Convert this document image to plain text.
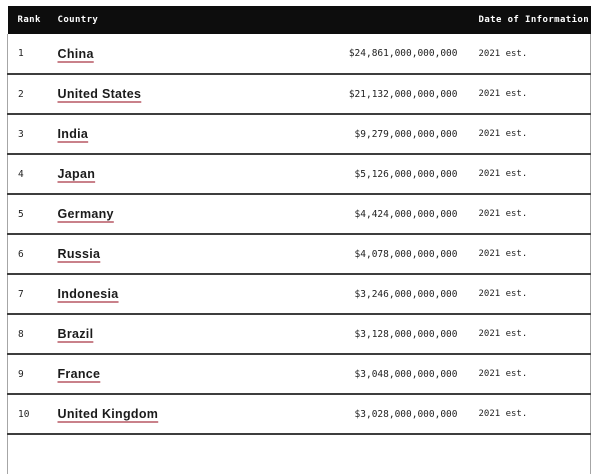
Rank	Country		Date of Information
1	China	$24,861,000,000,000	2021 est.
2	United States	$21,132,000,000,000	2021 est.
3	India	$9,279,000,000,000	2021 est.
4	Japan	$5,126,000,000,000	2021 est.
5	Germany	$4,424,000,000,000	2021 est.
6	Russia	$4,078,000,000,000	2021 est.
7	Indonesia	$3,246,000,000,000	2021 est.
8	Brazil	$3,128,000,000,000	2021 est.
9	France	$3,048,000,000,000	2021 est.
10	United Kingdom	$3,028,000,000,000	2021 est.
